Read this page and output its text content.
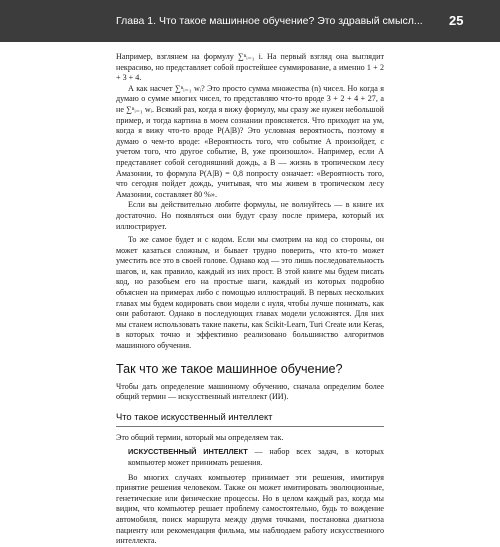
Глава 1. Что такое машинное обучение? Это здравый смысл... 25

Например, взглянем на формулу ∑ⁿᵢ₌₁ i. На первый взгляд она выглядит некрасиво, но представляет собой простейшее суммирование, а именно 1 + 2 + 3 + 4.

А как насчет ∑ⁿᵢ₌₁ wᵢ? Это просто сумма множества (n) чисел. Но когда я думаю о сумме многих чисел, то представляю что-то вроде 3 + 2 + 4 + 27, а не ∑ⁿᵢ₌₁ wᵢ. Всякий раз, когда я вижу формулу, мы сразу же нужен небольшой пример, и тогда картина в моем сознании проясняется. Что приходит на ум, когда я вижу что-то вроде P(A|B)? Это условная вероятность, поэтому я думаю о чем-то вроде: «Вероятность того, что событие A произойдет, с учетом того, что другое событие, B, уже произошло». Например, если A представляет собой сегодняшний дождь, а B — жизнь в тропическом лесу Амазонии, то формула P(A|B) = 0,8 попросту означает: «Вероятность того, что сегодня пойдет дождь, учитывая, что мы живем в тропическом лесу Амазонии, составляет 80 %».

Если вы действительно любите формулы, не волнуйтесь — в книге их достаточно. Но появляться они будут сразу после примера, который их иллюстрирует.

То же самое будет и с кодом. Если мы смотрим на код со стороны, он может казаться сложным, и бывает трудно поверить, что кто-то может уместить все это в своей голове. Однако код — это лишь последовательность шагов, и, как правило, каждый из них прост. В этой книге мы будем писать код, но разобьем его на простые шаги, каждый из которых подробно объяснен на примерах либо с помощью иллюстраций. В первых нескольких главах мы будем кодировать свои модели с нуля, чтобы лучше понимать, как они работают. Однако в последующих главах модели усложнятся. Для них мы станем использовать такие пакеты, как Scikit-Learn, Turi Create или Keras, в которых точно и эффективно реализовано большинство алгоритмов машинного обучения.

Так что же такое машинное обучение?

Чтобы дать определение машинному обучению, сначала определим более общий термин — искусственный интеллект (ИИ).

Что такое искусственный интеллект

Это общий термин, который мы определяем так.

ИСКУССТВЕННЫЙ ИНТЕЛЛЕКТ — набор всех задач, в которых компьютер может принимать решения.

Во многих случаях компьютер принимает эти решения, имитируя принятие решения человеком. Также он может имитировать эволюционные, генетические или физические процессы. Но в целом каждый раз, когда мы видим, что компьютер решает проблему самостоятельно, будь то вождение автомобиля, поиск маршрута между двумя точками, постановка диагноза пациенту или рекомендация фильма, мы наблюдаем работу искусственного интеллекта.
